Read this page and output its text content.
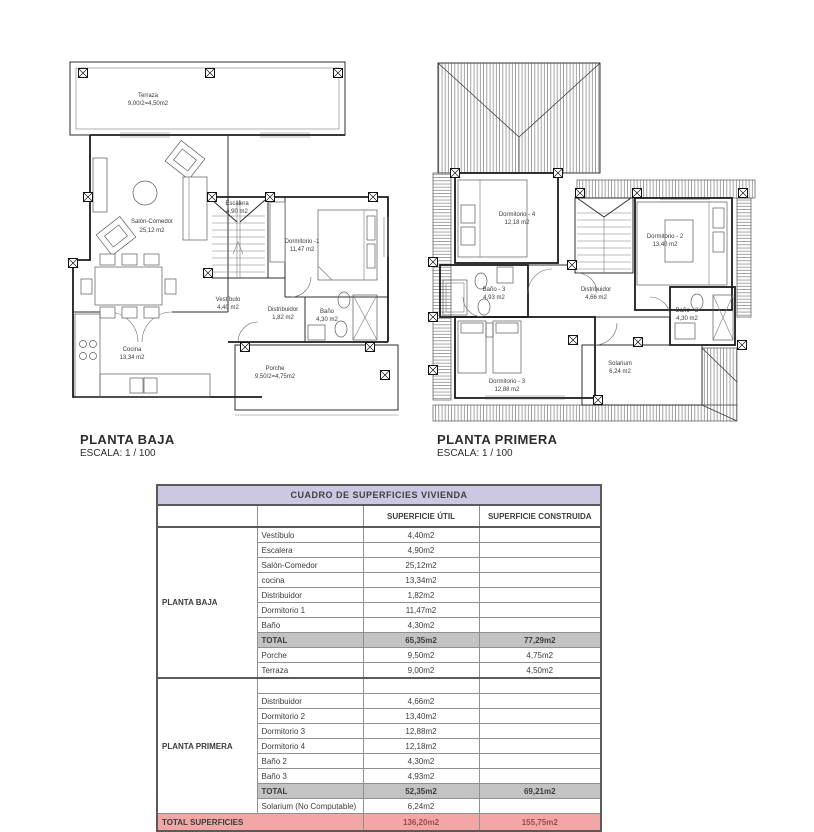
Terraza
9,00/2=4,50m2
Salón-Comedor
25,12 m2
Escalera
4,90 m2
Dormitorio -1
11,47 m2
Vestíbulo
4,40 m2	Distribuidor
1,82 m2
Baño
4,30 m2
Cocina
13,34 m2
Porche
9,50/2=4,75m2
Dormitorio - 4
12,18 m2
Dormitorio - 2
13,40 m2
Baño - 3
4,93 m2
Distribuidor
4,66 m2
Baño - 2
4,30 m2
Dormitorio - 3
12,88 m2
Solarium
6,24 m2
PLANTA BAJA
ESCALA: 1 / 100
PLANTA PRIMERA
ESCALA: 1 / 100
CUADRO DE SUPERFICIES VIVIENDA			
		SUPERFICIE ÚTIL	SUPERFICIE CONSTRUIDA
PLANTA BAJA	Vestíbulo	4,40m2	
	Escalera	4,90m2	
	Salón-Comedor	25,12m2	
	cocina	13,34m2	
	Distribuidor	1,82m2	
	Dormitorio 1	11,47m2	
	Baño	4,30m2	
	TOTAL	65,35m2	77,29m2
	Porche	9,50m2	4,75m2
	Terraza	9,00m2	4,50m2
PLANTA PRIMERA			
	Distribuidor	4,66m2	
	Dormitorio 2	13,40m2	
	Dormitorio 3	12,88m2	
	Dormitorio 4	12,18m2	
	Baño 2	4,30m2	
	Baño 3	4,93m2	
	TOTAL	52,35m2	69,21m2
	Solarium (No Computable)	6,24m2	
TOTAL SUPERFICIES		136,20m2	155,75m2
